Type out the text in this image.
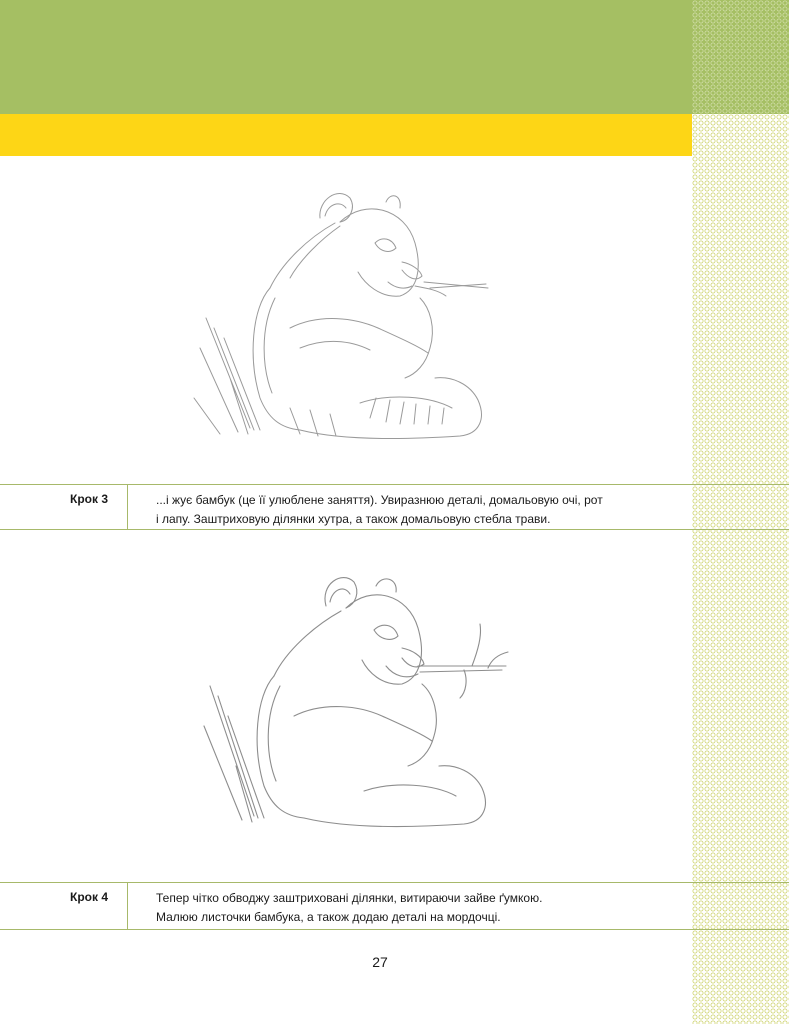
Крок 3	...і жує бамбук (це її улюблене заняття). Увиразнюю деталі, домальовую очі, рот
і лапу. Заштриховую ділянки хутра, а також домальовую стебла трави.
Крок 4	Тепер чітко обводжу заштриховані ділянки, витираючи зайве ґумкою.
Малюю листочки бамбука, а також додаю деталі на мордочці.
27
